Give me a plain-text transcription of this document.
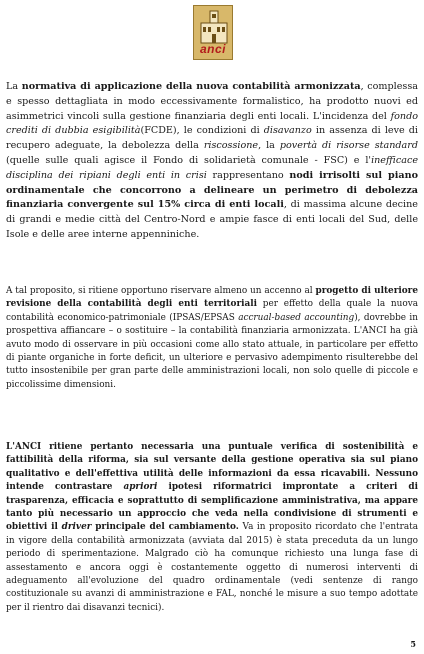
anci

La normativa di applicazione della nuova contabilità armonizzata, complessa e spesso dettagliata in modo eccessivamente formalistico, ha prodotto nuovi ed asimmetrici vincoli sulla gestione finanziaria degli enti locali. L'incidenza del fondo crediti di dubbia esigibilità(FCDE), le condizioni di disavanzo in assenza di leve di recupero adeguate, la debolezza della riscossione, la povertà di risorse standard (quelle sulle quali agisce il Fondo di solidarietà comunale - FSC) e l'inefficace disciplina dei ripiani degli enti in crisi rappresentano nodi irrisolti sul piano ordinamentale che concorrono a delineare un perimetro di debolezza finanziaria convergente sul 15% circa di enti locali, di massima alcune decine di grandi e medie città del Centro-Nord e ampie fasce di enti locali del Sud, delle Isole e delle aree interne appenniniche.

A tal proposito, si ritiene opportuno riservare almeno un accenno al progetto di ulteriore revisione della contabilità degli enti territoriali per effetto della quale la nuova contabilità economico-patrimoniale (IPSAS/EPSAS accrual-based accounting), dovrebbe in prospettiva affiancare – o sostituire – la contabilità finanziaria armonizzata. L'ANCI ha già avuto modo di osservare in più occasioni come allo stato attuale, in particolare per effetto di piante organiche in forte deficit, un ulteriore e pervasivo adempimento risulterebbe del tutto insostenibile per gran parte delle amministrazioni locali, non solo quelle di piccole e piccolissime dimensioni.

L'ANCI ritiene pertanto necessaria una puntuale verifica di sostenibilità e fattibilità della riforma, sia sul versante della gestione operativa sia sul piano qualitativo e dell'effettiva utilità delle informazioni da essa ricavabili. Nessuno intende contrastare apriori ipotesi riformatrici improntate a criteri di trasparenza, efficacia e soprattutto di semplificazione amministrativa, ma appare tanto più necessario un approccio che veda nella condivisione di strumenti e obiettivi il driver principale del cambiamento. Va in proposito ricordato che l'entrata in vigore della contabilità armonizzata (avviata dal 2015) è stata preceduta da un lungo periodo di sperimentazione. Malgrado ciò ha comunque richiesto una lunga fase di assestamento e ancora oggi è costantemente oggetto di numerosi interventi di adeguamento all'evoluzione del quadro ordinamentale (vedi sentenze di rango costituzionale su avanzi di amministrazione e FAL, nonché le misure a suo tempo adottate per il rientro dai disavanzi tecnici).

5
